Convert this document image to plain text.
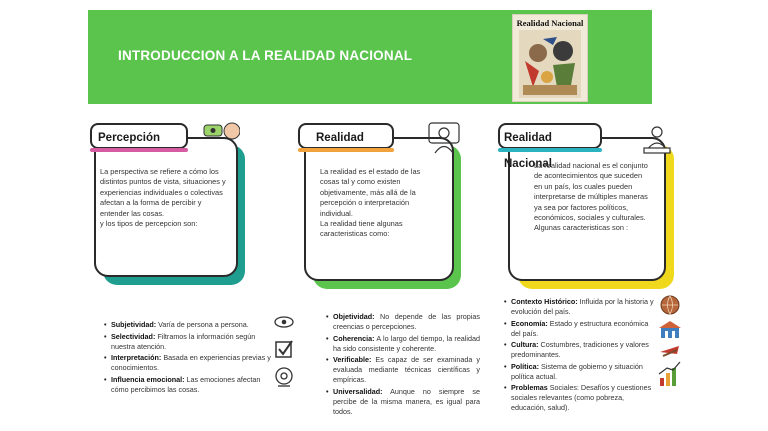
INTRODUCCION A LA REALIDAD NACIONAL
Realidad Nacional
Percepción
La perspectiva se refiere a cómo los distintos puntos de vista, situaciones y experiencias individuales o colectivas afectan a la forma de percibir y entender las cosas.
y los tipos de percepcion son:
Realidad
La realidad es el estado de las cosas tal y como existen objetivamente, más allá de la percepción o interpretación individual.
La realidad tiene algunas caracteristicas como:
Realidad Nacional
La realidad nacional es el conjunto de acontecimientos que suceden en un país, los cuales pueden interpretarse de múltiples maneras ya sea por factores políticos, económicos, sociales y culturales.
Algunas caracteristicas son :
• Subjetividad: Varía de persona a persona.
• Selectividad: Filtramos la información según nuestra atención.
• Interpretación: Basada en experiencias previas y conocimientos.
• Influencia emocional: Las emociones afectan cómo percibimos las cosas.
• Objetividad: No depende de las propias creencias o percepciones.
• Coherencia: A lo largo del tiempo, la realidad ha sido consistente y coherente.
• Verificable: Es capaz de ser examinada y evaluada mediante técnicas científicas y empíricas.
• Universalidad: Aunque no siempre se percibe de la misma manera, es igual para todos.
• Contexto Histórico: Influida por la historia y evolución del país.
• Economía: Estado y estructura económica del país.
• Cultura: Costumbres, tradiciones y valores predominantes.
• Política: Sistema de gobierno y situación política actual.
• Problemas Sociales: Desafíos y cuestiones sociales relevantes (como pobreza, educación, salud).
